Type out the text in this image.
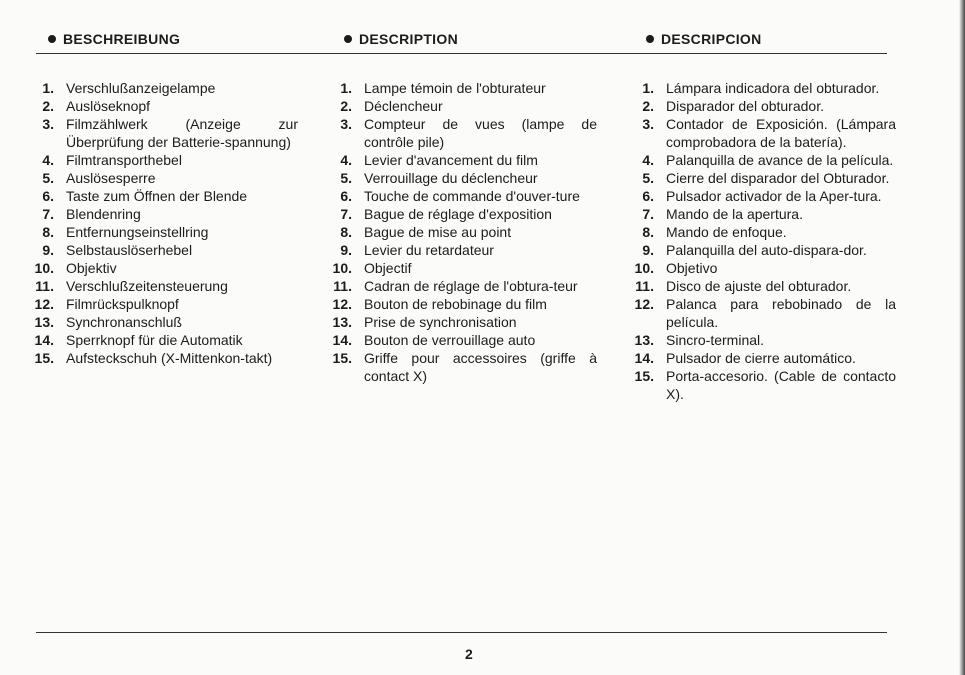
BESCHREIBUNG	DESCRIPTION	DESCRIPCION
1. Verschlußanzeigelampe
2. Auslöseknopf
3. Filmzählwerk (Anzeige zur Überprüfung der Batterie-spannung)
4. Filmtransporthebel
5. Auslösesperre
6. Taste zum Öffnen der Blende
7. Blendenring
8. Entfernungseinstellring
9. Selbstauslöserhebel
10. Objektiv
11. Verschlußzeitensteuerung
12. Filmrückspulknopf
13. Synchronanschluß
14. Sperrknopf für die Automatik
15. Aufsteckschuh (X-Mittenkon-takt)
1. Lampe témoin de l'obturateur
2. Déclencheur
3. Compteur de vues (lampe de contrôle pile)
4. Levier d'avancement du film
5. Verrouillage du déclencheur
6. Touche de commande d'ouver-ture
7. Bague de réglage d'exposition
8. Bague de mise au point
9. Levier du retardateur
10. Objectif
11. Cadran de réglage de l'obtura-teur
12. Bouton de rebobinage du film
13. Prise de synchronisation
14. Bouton de verrouillage auto
15. Griffe pour accessoires (griffe à contact X)
1. Lámpara indicadora del obturador.
2. Disparador del obturador.
3. Contador de Exposición. (Lámpara comprobadora de la batería).
4. Palanquilla de avance de la película.
5. Cierre del disparador del Obturador.
6. Pulsador activador de la Aper-tura.
7. Mando de la apertura.
8. Mando de enfoque.
9. Palanquilla del auto-dispara-dor.
10. Objetivo
11. Disco de ajuste del obturador.
12. Palanca para rebobinado de la película.
13. Sincro-terminal.
14. Pulsador de cierre automático.
15. Porta-accesorio. (Cable de contacto X).
2
